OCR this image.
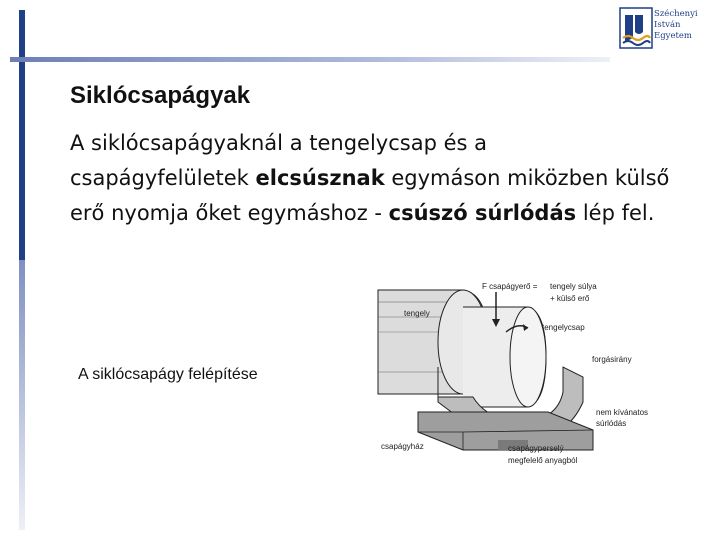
Széchenyi
István
Egyetem
Siklócsapágyak

A siklócsapágyaknál a tengelycsap és a csapágyfelületek elcsúsznak egymáson miközben külső erő nyomja őket egymáshoz - csúszó súrlódás lép fel.

A siklócsapágy felépítése
F csapágyerő = tengely súlya
+ külső erő
tengely
tengelycsap
forgásirány
nem kívánatos
súrlódás
csapágyház	csapágyperselý
megfelelő anyagból
